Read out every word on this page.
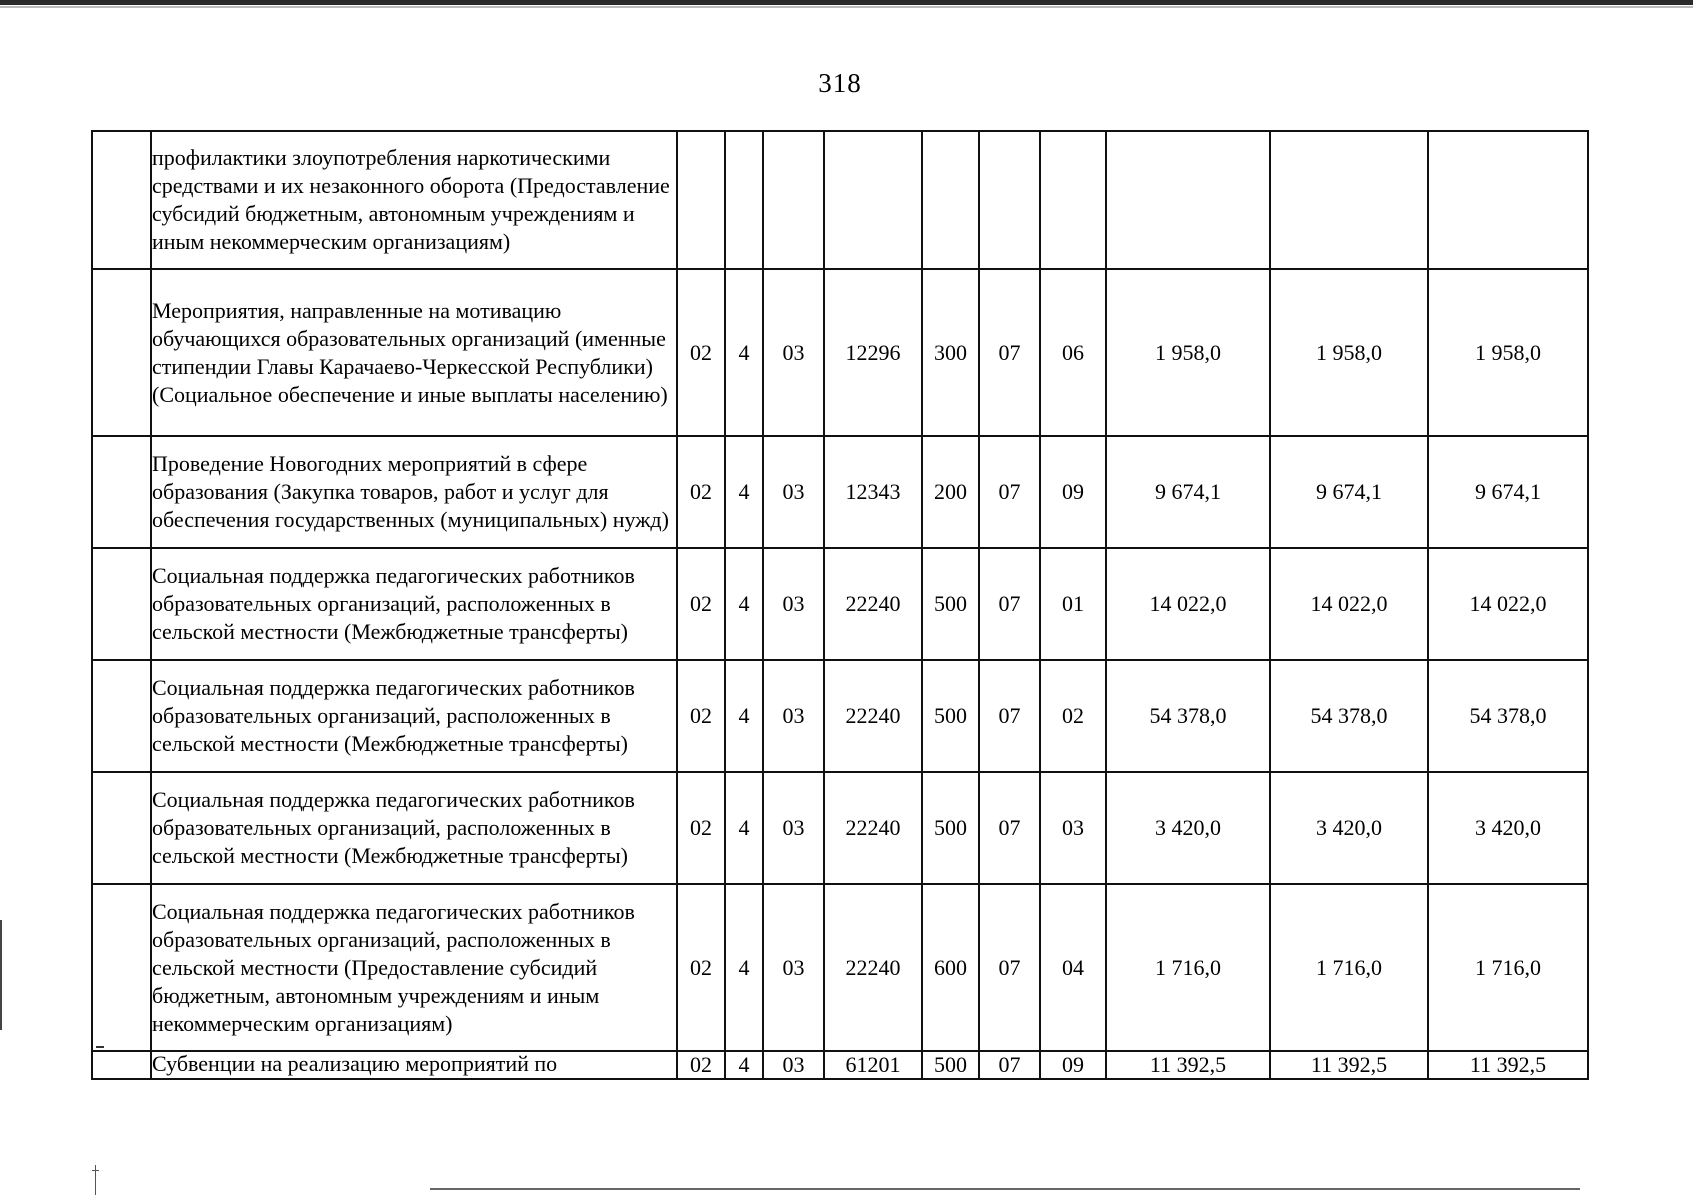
318
	профилактики злоупотребления наркотическими средствами и их незаконного оборота (Предоставление субсидий бюджетным, автономным учреждениям и иным некоммерческим организациям)										
	Мероприятия, направленные на мотивацию обучающихся образовательных организаций (именные стипендии Главы Карачаево-Черкесской Республики) (Социальное обеспечение и иные выплаты населению)	02	4	03	12296	300	07	06	1 958,0	1 958,0	1 958,0
	Проведение Новогодних мероприятий в сфере образования (Закупка товаров, работ и услуг для обеспечения государственных (муниципальных) нужд)	02	4	03	12343	200	07	09	9 674,1	9 674,1	9 674,1
	Социальная поддержка педагогических работников образовательных организаций, расположенных в сельской местности (Межбюджетные трансферты)	02	4	03	22240	500	07	01	14 022,0	14 022,0	14 022,0
	Социальная поддержка педагогических работников образовательных организаций, расположенных в сельской местности (Межбюджетные трансферты)	02	4	03	22240	500	07	02	54 378,0	54 378,0	54 378,0
	Социальная поддержка педагогических работников образовательных организаций, расположенных в сельской местности (Межбюджетные трансферты)	02	4	03	22240	500	07	03	3 420,0	3 420,0	3 420,0
	Социальная поддержка педагогических работников образовательных организаций, расположенных в сельской местности (Предоставление субсидий бюджетным, автономным учреждениям и иным некоммерческим организациям)	02	4	03	22240	600	07	04	1 716,0	1 716,0	1 716,0
	Субвенции на реализацию мероприятий по	02	4	03	61201	500	07	09	11 392,5	11 392,5	11 392,5
